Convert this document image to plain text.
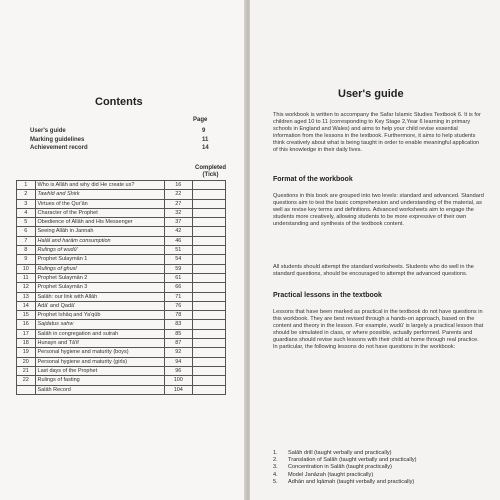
Contents
Page
User's guide	9
Marking guidelines	11
Achievement record	14
Completed
(Tick)
1	Who is Allāh and why did He create us?	16	
2	Tawhīd and Shirk	22	
3	Virtues of the Qur'ān	27	
4	Character of the Prophet	32	
5	Obedience of Allāh and His Messenger	37	
6	Seeing Allāh in Jannah	42	
7	Halāl and harām consumption	46	
8	Rulings of wudū'	51	
9	Prophet Sulaymān 1	54	
10	Rulings of ghusl	59	
11	Prophet Sulaymān 2	61	
12	Prophet Sulaymān 3	66	
13	Salāh: our link with Allāh	71	
14	Adā' and Qadā'	76	
15	Prophet Ishāq and Ya'qūb	78	
16	Sajdatus sahw	83	
17	Salāh in congregation and sutrah	85	
18	Hunayn and Tā'if	87	
19	Personal hygiene and maturity (boys)	92	
20	Personal hygiene and maturity (girls)	94	
21	Last days of the Prophet	96	
22	Rulings of fasting	100	
	Salāh Record	104	
User's guide
This workbook is written to accompany the Safar Islamic Studies Textbook 6. It is for children aged 10 to 11 (corresponding to Key Stage 2,Year 6 learning in primary schools in England and Wales) and aims to help your child revise essential information from the lessons in the textbook. Furthermore, it aims to help students think creatively about what is being taught in order to enable meaningful application of this knowledge in their daily lives.
Format of the workbook
Questions in this book are grouped into two levels: standard and advanced. Standard questions aim to test the basic comprehension and understanding of the material, as well as revise key terms and definitions. Advanced worksheets aim to engage the students more creatively, allowing students to be more expressive of their own understanding and synthesis of the textbook content.
All students should attempt the standard worksheets. Students who do well in the standard questions, should be encouraged to attempt the advanced questions.
Practical lessons in the textbook
Lessons that have been marked as practical in the textbook do not have questions in this workbook. They are best revised through a hands-on approach, based on the content and theory in the lesson. For example, wudū' is largely a practical lesson that should be simulated in class, or where possible, actually performed. Parents and guardians should revise such lessons with their child at home through real practice. In particular, the following lessons do not have questions in the workbook:
1. Salāh drill (taught verbally and practically)
2. Translation of Salāh (taught verbally and practically)
3. Concentration in Salāh (taught practically)
4. Model Janāzah (taught practically)
5. Adhān and Iqāmah (taught verbally and practically)
